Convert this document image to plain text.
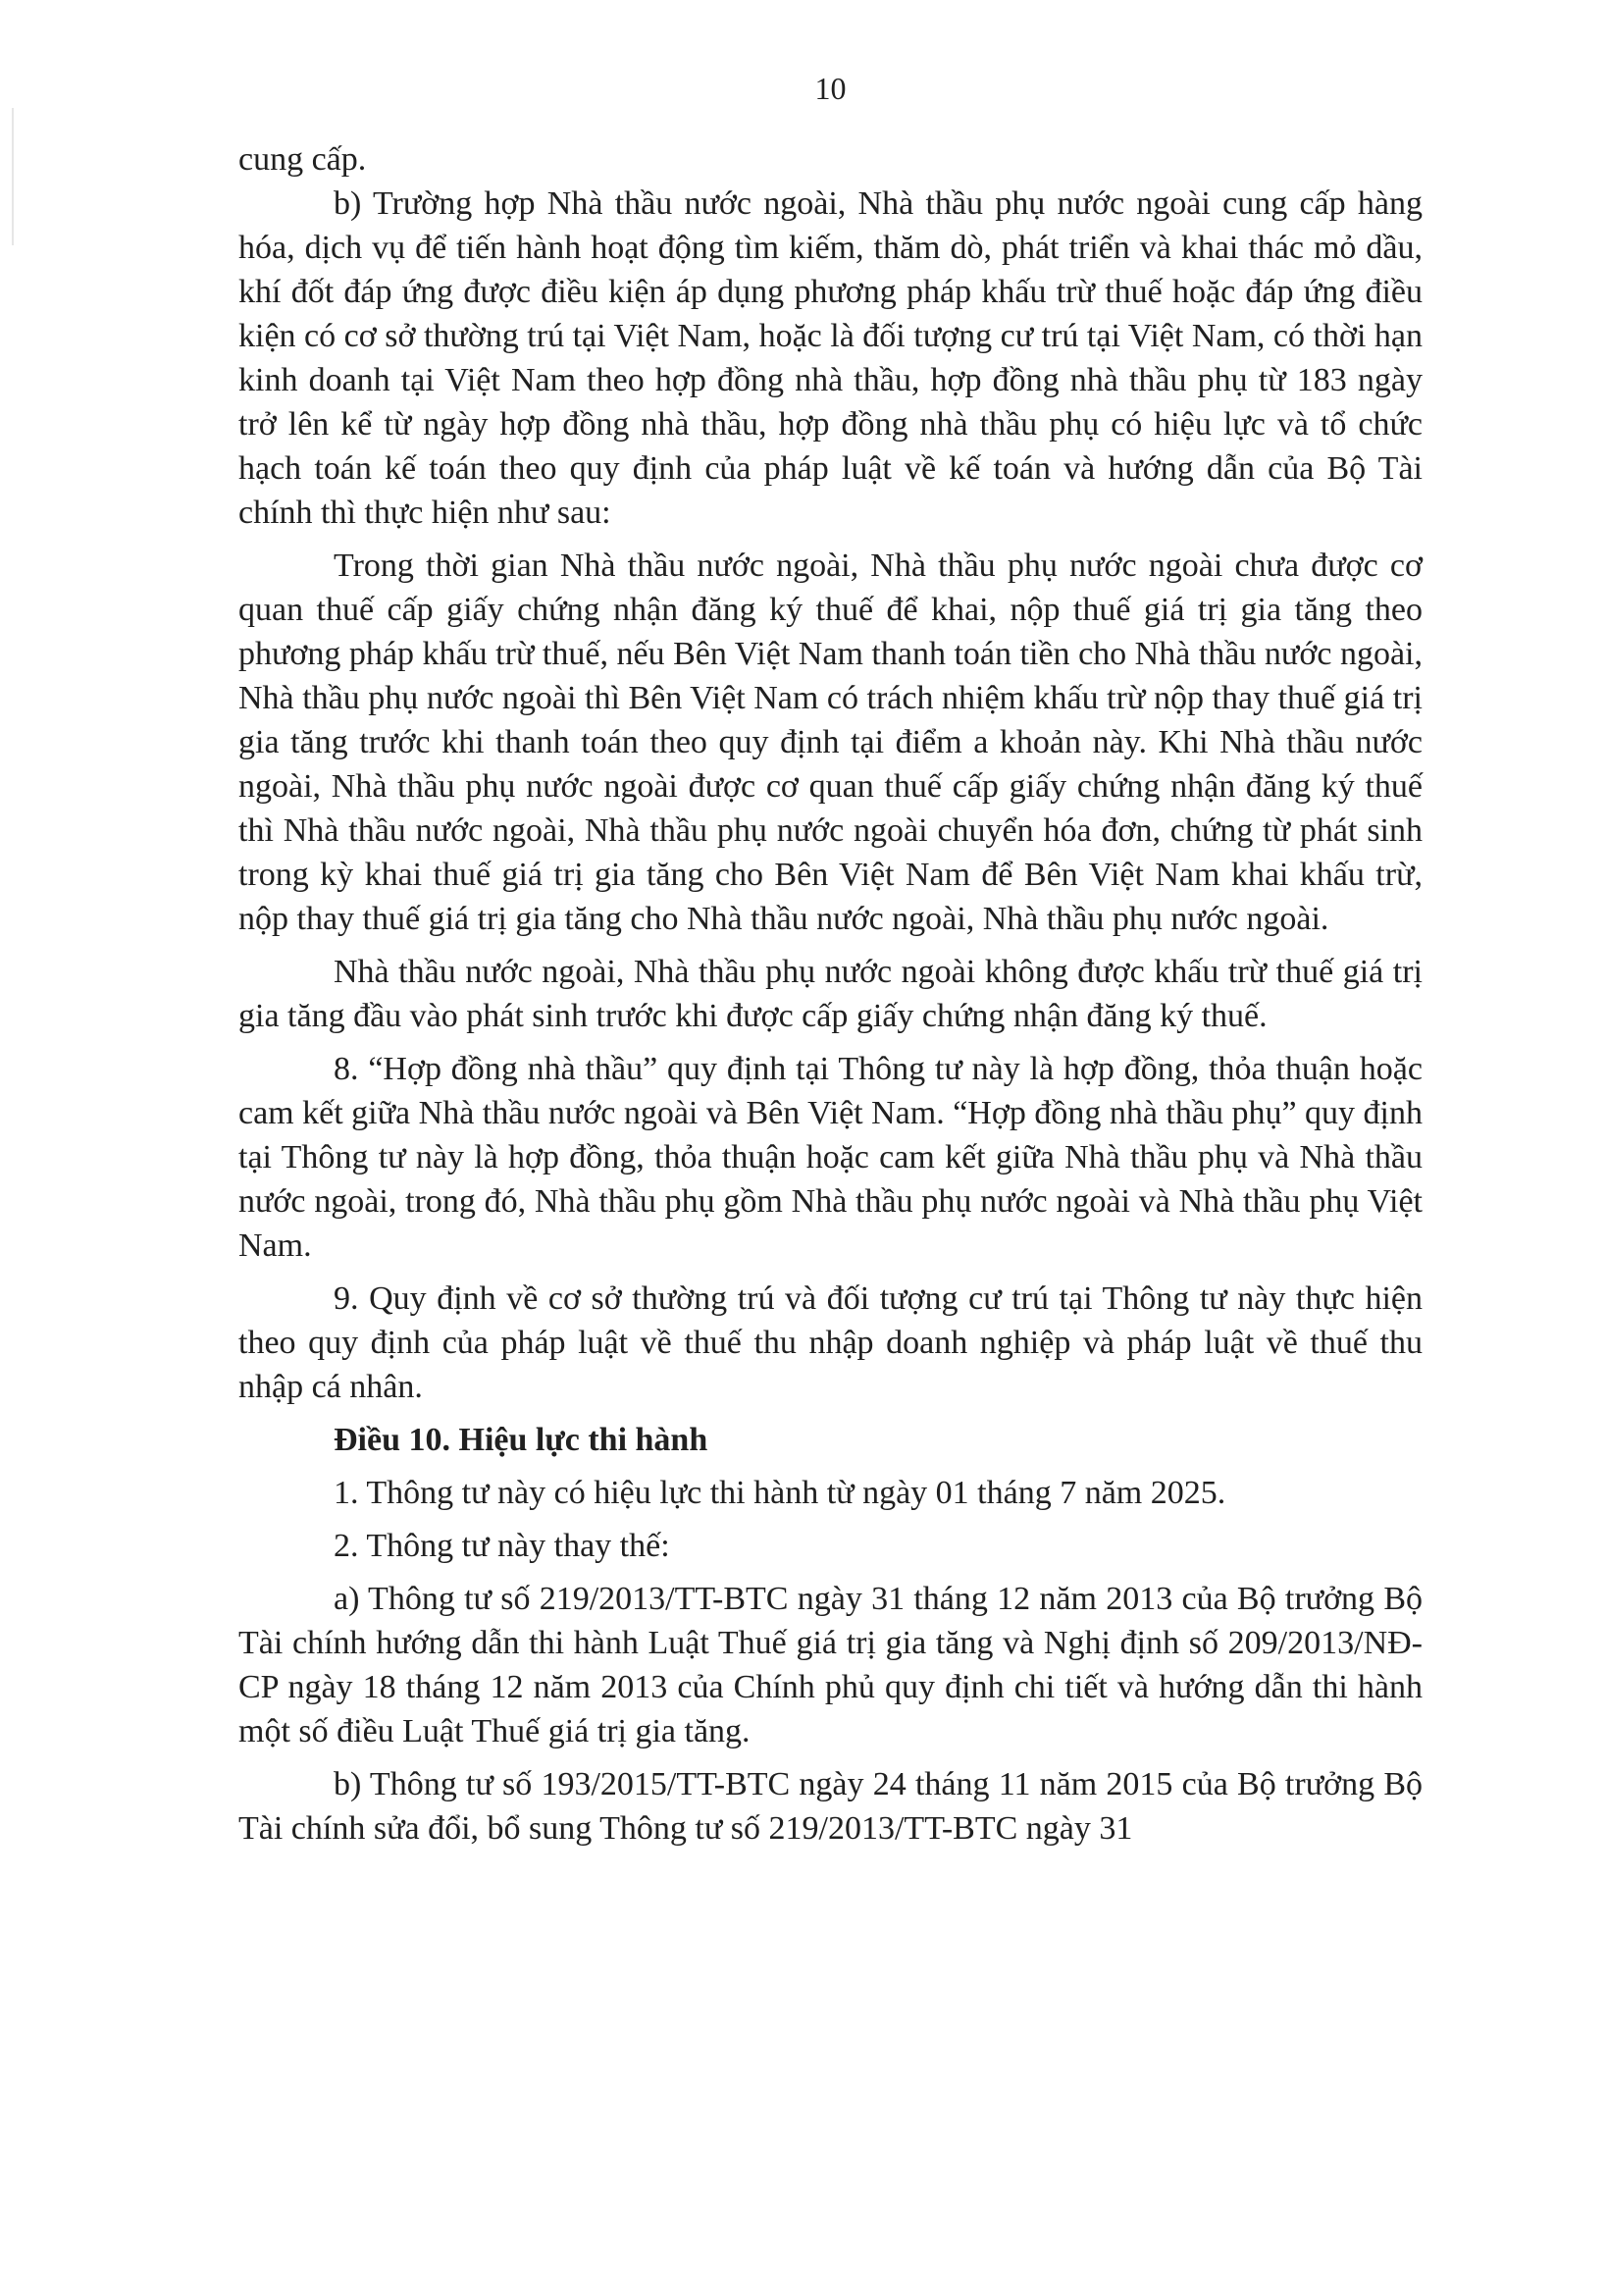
10

cung cấp.

b) Trường hợp Nhà thầu nước ngoài, Nhà thầu phụ nước ngoài cung cấp hàng hóa, dịch vụ để tiến hành hoạt động tìm kiếm, thăm dò, phát triển và khai thác mỏ dầu, khí đốt đáp ứng được điều kiện áp dụng phương pháp khấu trừ thuế hoặc đáp ứng điều kiện có cơ sở thường trú tại Việt Nam, hoặc là đối tượng cư trú tại Việt Nam, có thời hạn kinh doanh tại Việt Nam theo hợp đồng nhà thầu, hợp đồng nhà thầu phụ từ 183 ngày trở lên kể từ ngày hợp đồng nhà thầu, hợp đồng nhà thầu phụ có hiệu lực và tổ chức hạch toán kế toán theo quy định của pháp luật về kế toán và hướng dẫn của Bộ Tài chính thì thực hiện như sau:

Trong thời gian Nhà thầu nước ngoài, Nhà thầu phụ nước ngoài chưa được cơ quan thuế cấp giấy chứng nhận đăng ký thuế để khai, nộp thuế giá trị gia tăng theo phương pháp khấu trừ thuế, nếu Bên Việt Nam thanh toán tiền cho Nhà thầu nước ngoài, Nhà thầu phụ nước ngoài thì Bên Việt Nam có trách nhiệm khấu trừ nộp thay thuế giá trị gia tăng trước khi thanh toán theo quy định tại điểm a khoản này. Khi Nhà thầu nước ngoài, Nhà thầu phụ nước ngoài được cơ quan thuế cấp giấy chứng nhận đăng ký thuế thì Nhà thầu nước ngoài, Nhà thầu phụ nước ngoài chuyển hóa đơn, chứng từ phát sinh trong kỳ khai thuế giá trị gia tăng cho Bên Việt Nam để Bên Việt Nam khai khấu trừ, nộp thay thuế giá trị gia tăng cho Nhà thầu nước ngoài, Nhà thầu phụ nước ngoài.

Nhà thầu nước ngoài, Nhà thầu phụ nước ngoài không được khấu trừ thuế giá trị gia tăng đầu vào phát sinh trước khi được cấp giấy chứng nhận đăng ký thuế.

8. “Hợp đồng nhà thầu” quy định tại Thông tư này là hợp đồng, thỏa thuận hoặc cam kết giữa Nhà thầu nước ngoài và Bên Việt Nam. “Hợp đồng nhà thầu phụ” quy định tại Thông tư này là hợp đồng, thỏa thuận hoặc cam kết giữa Nhà thầu phụ và Nhà thầu nước ngoài, trong đó, Nhà thầu phụ gồm Nhà thầu phụ nước ngoài và Nhà thầu phụ Việt Nam.

9. Quy định về cơ sở thường trú và đối tượng cư trú tại Thông tư này thực hiện theo quy định của pháp luật về thuế thu nhập doanh nghiệp và pháp luật về thuế thu nhập cá nhân.

Điều 10. Hiệu lực thi hành

1. Thông tư này có hiệu lực thi hành từ ngày 01 tháng 7 năm 2025.

2. Thông tư này thay thế:

a) Thông tư số 219/2013/TT-BTC ngày 31 tháng 12 năm 2013 của Bộ trưởng Bộ Tài chính hướng dẫn thi hành Luật Thuế giá trị gia tăng và Nghị định số 209/2013/NĐ-CP ngày 18 tháng 12 năm 2013 của Chính phủ quy định chi tiết và hướng dẫn thi hành một số điều Luật Thuế giá trị gia tăng.

b) Thông tư số 193/2015/TT-BTC ngày 24 tháng 11 năm 2015 của Bộ trưởng Bộ Tài chính sửa đổi, bổ sung Thông tư số 219/2013/TT-BTC ngày 31
